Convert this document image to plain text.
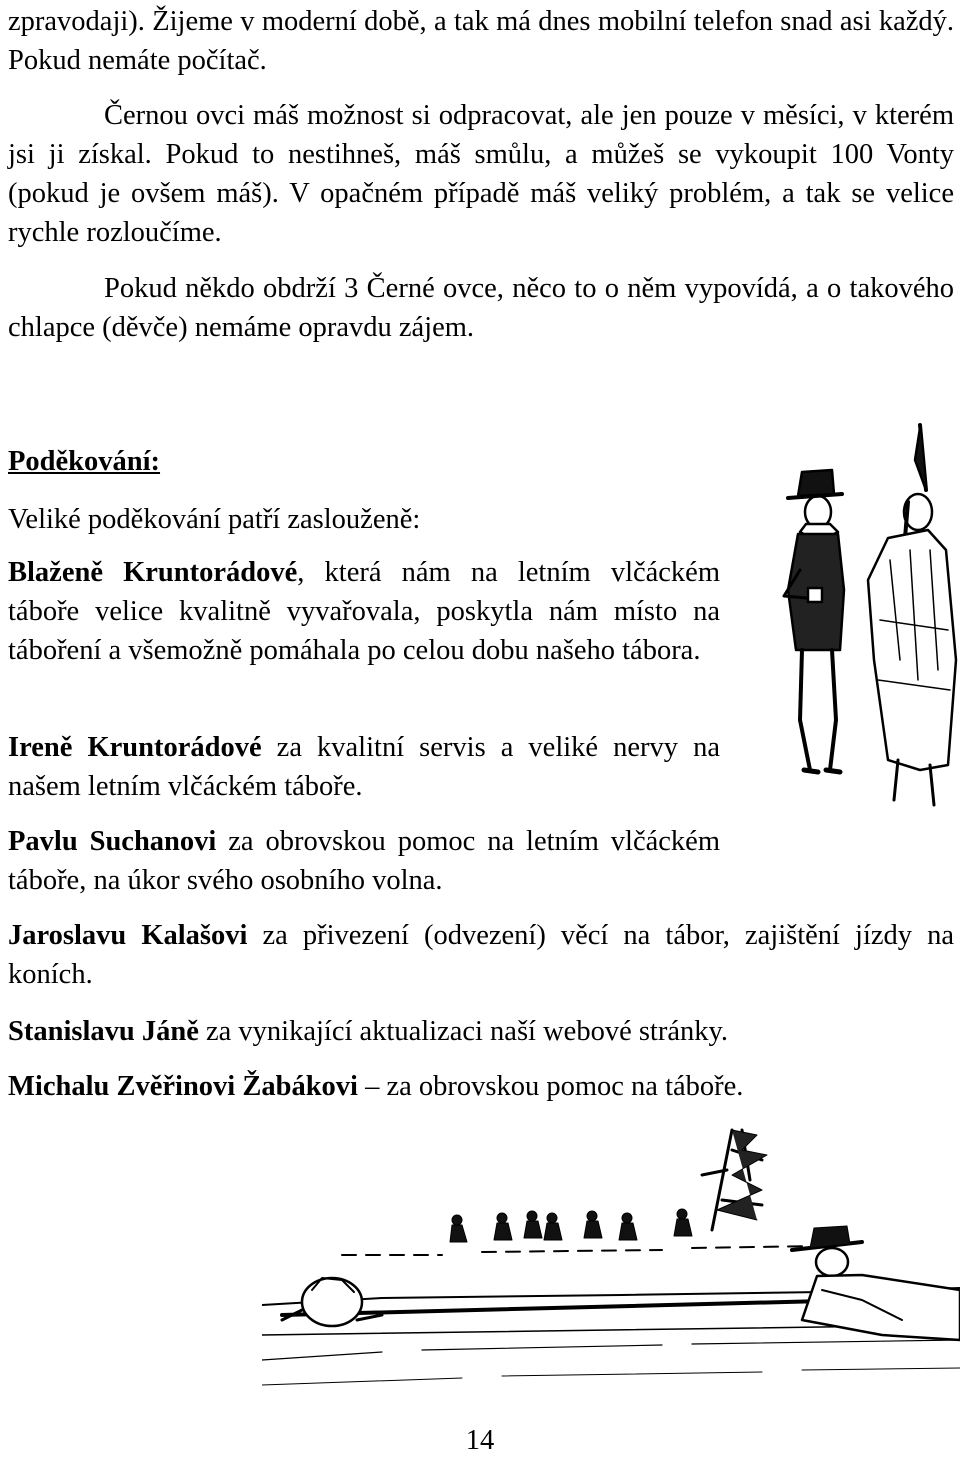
zpravodaji). Žijeme v moderní době, a tak má dnes mobilní telefon snad asi každý. Pokud nemáte počítač.

Černou ovci máš možnost si odpracovat, ale jen pouze v měsíci, v kterém jsi ji získal. Pokud to nestihneš, máš smůlu, a můžeš se vykoupit 100 Vonty (pokud je ovšem máš). V opačném případě máš veliký problém, a tak se velice rychle rozloučíme.

Pokud někdo obdrží 3 Černé ovce, něco to o něm vypovídá, a o takového chlapce (děvče) nemáme opravdu zájem.

Poděkování:

Veliké poděkování patří zaslouženě:

Blaženě Kruntorádové, která nám na letním vlčáckém táboře velice kvalitně vyvařovala, poskytla nám místo na táboření a všemožně pomáhala po celou dobu našeho tábora.

Ireně Kruntorádové za kvalitní servis a veliké nervy na našem letním vlčáckém táboře.

Pavlu Suchanovi za obrovskou pomoc na letním vlčáckém táboře, na úkor svého osobního volna.

Jaroslavu Kalašovi za přivezení (odvezení) věcí na tábor, zajištění jízdy na koních.

Stanislavu Jáně za vynikající aktualizaci naší webové stránky.

Michalu Zvěřinovi Žabákovi – za obrovskou pomoc na táboře.

14
